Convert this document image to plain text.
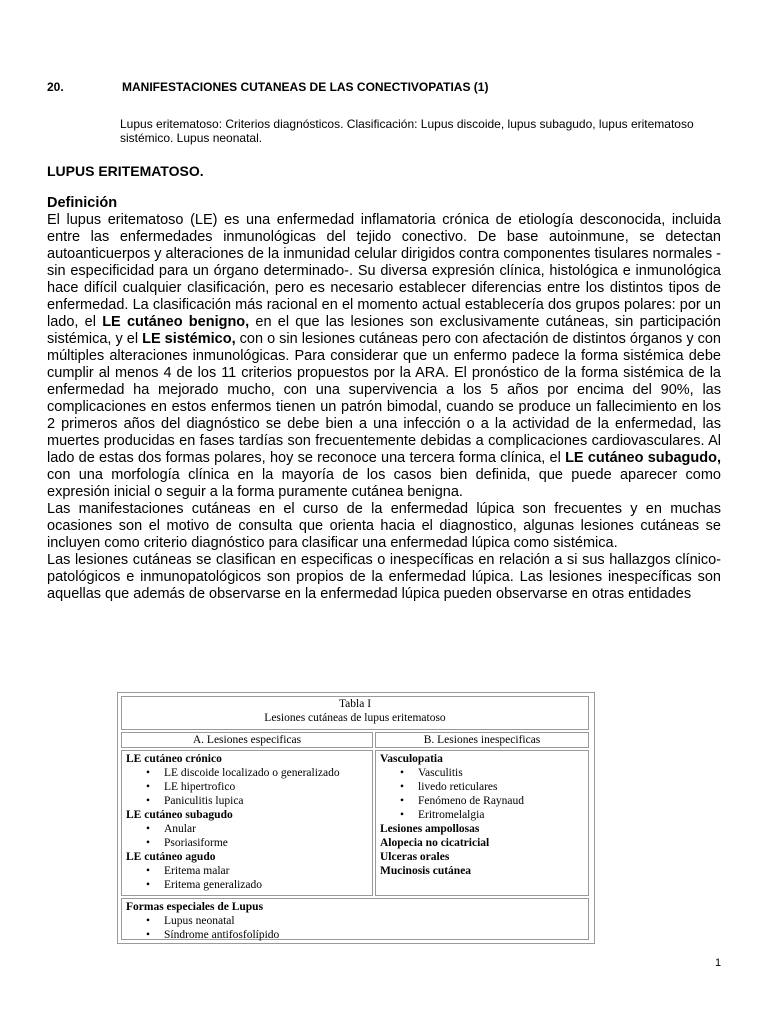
20.	MANIFESTACIONES CUTANEAS DE LAS CONECTIVOPATIAS (1)
Lupus eritematoso: Criterios diagnósticos. Clasificación: Lupus discoide, lupus subagudo, lupus eritematoso sistémico. Lupus neonatal.
LUPUS ERITEMATOSO.
Definición

El lupus eritematoso (LE) es una enfermedad inflamatoria crónica de etiología desconocida, incluida entre las enfermedades inmunológicas del tejido conectivo. De base autoinmune, se detectan autoanticuerpos y alteraciones de la inmunidad celular dirigidos contra componentes tisulares normales -sin especificidad para un órgano determinado-. Su diversa expresión clínica, histológica e inmunológica hace difícil cualquier clasificación, pero es necesario establecer diferencias entre los distintos tipos de enfermedad. La clasificación más racional en el momento actual establecería dos grupos polares: por un lado, el LE cutáneo benigno, en el que las lesiones son exclusivamente cutáneas, sin participación sistémica, y el LE sistémico, con o sin lesiones cutáneas pero con afectación de distintos órganos y con múltiples alteraciones inmunológicas. Para considerar que un enfermo padece la forma sistémica debe cumplir al menos 4 de los 11 criterios propuestos por la ARA. El pronóstico de la forma sistémica de la enfermedad ha mejorado mucho, con una supervivencia a los 5 años por encima del 90%, las complicaciones en estos enfermos tienen un patrón bimodal, cuando se produce un fallecimiento en los 2 primeros años del diagnóstico se debe bien a una infección o a la actividad de la enfermedad, las muertes producidas en fases tardías son frecuentemente debidas a complicaciones cardiovasculares. Al lado de estas dos formas polares, hoy se reconoce una tercera forma clínica, el LE cutáneo subagudo, con una morfología clínica en la mayoría de los casos bien definida, que puede aparecer como expresión inicial o seguir a la forma puramente cutánea benigna.

Las manifestaciones cutáneas en el curso de la enfermedad lúpica son frecuentes y en muchas ocasiones son el motivo de consulta que orienta hacia el diagnostico, algunas lesiones cutáneas se incluyen como criterio diagnóstico para clasificar una enfermedad lúpica como sistémica.

Las lesiones cutáneas se clasifican en especificas o inespecíficas en relación a si sus hallazgos clínico-patológicos e inmunopatológicos son propios de la enfermedad lúpica. Las lesiones inespecíficas son aquellas que además de observarse en la enfermedad lúpica pueden observarse en otras entidades

Tabla I
Lesiones cutáneas de lupus eritematoso
A. Lesiones especificas	B. Lesiones inespecificas
LE cutáneo crónico
• LE discoide localizado o generalizado
• LE hipertrofico
• Paniculitis lupica
LE cutáneo subagudo
• Anular
• Psoriasiforme
LE cutáneo agudo
• Eritema malar
• Eritema generalizado
Vasculopatia
• Vasculitis
• livedo reticulares
• Fenómeno de Raynaud
• Eritromelalgia
Lesiones ampollosas
Alopecia no cicatricial
Ulceras orales
Mucinosis cutánea
Formas especiales de Lupus
• Lupus neonatal
• Síndrome antifosfolípido
1
